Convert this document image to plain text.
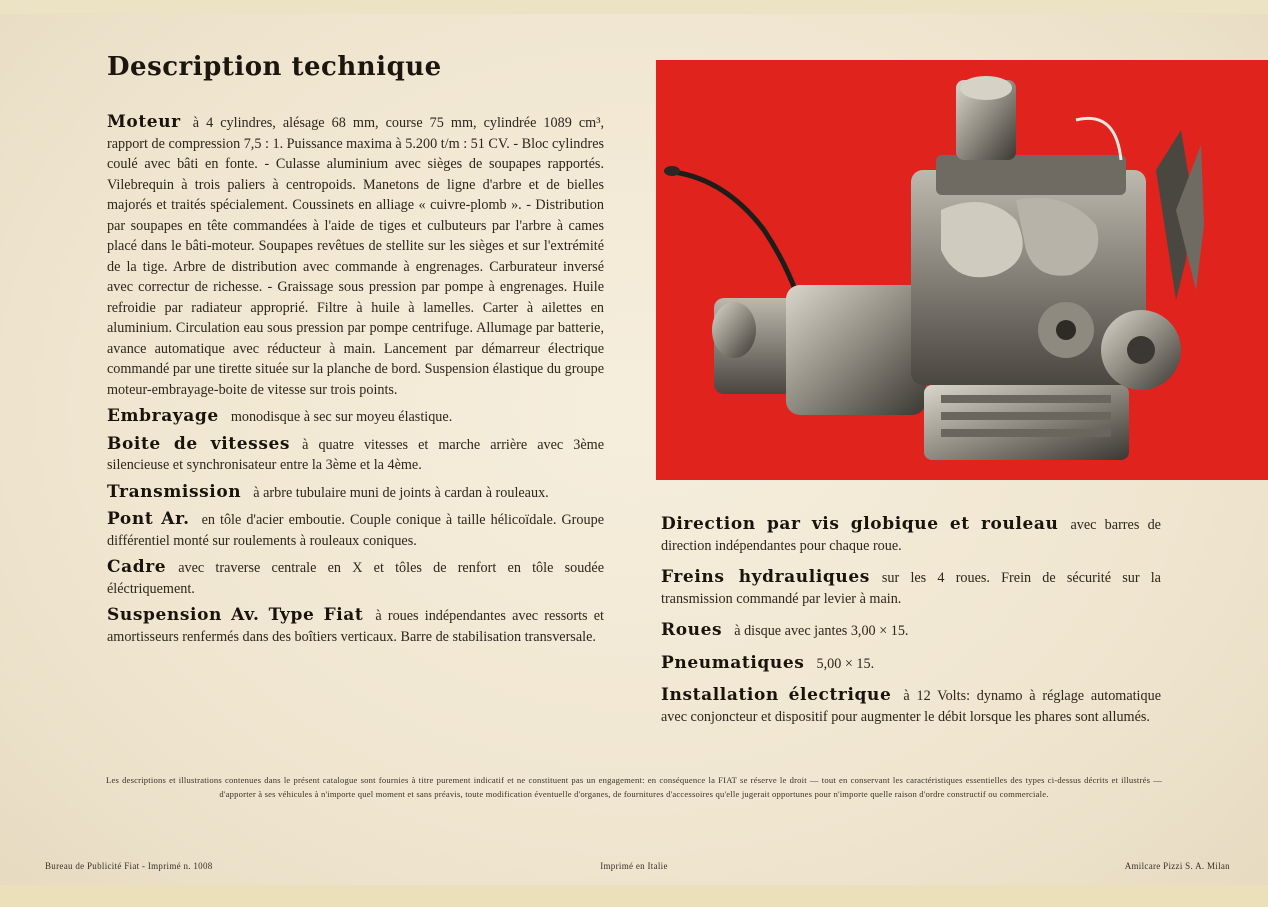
Description technique

Moteur à 4 cylindres, alésage 68 mm, course 75 mm, cylindrée 1089 cm³, rapport de compression 7,5 : 1. Puissance maxima à 5.200 t/m : 51 CV. - Bloc cylindres coulé avec bâti en fonte. - Culasse aluminium avec sièges de soupapes rapportés. Vilebrequin à trois paliers à centropoids. Manetons de ligne d'arbre et de bielles majorés et traités spécialement. Coussinets en alliage « cuivre-plomb ». - Distribution par soupapes en tête commandées à l'aide de tiges et culbuteurs par l'arbre à cames placé dans le bâti-moteur. Soupapes revêtues de stellite sur les sièges et sur l'extrémité de la tige. Arbre de distribution avec commande à engrenages. Carburateur inversé avec correctur de richesse. - Graissage sous pression par pompe à engrenages. Huile refroidie par radiateur approprié. Filtre à huile à lamelles. Carter à ailettes en aluminium. Circulation eau sous pression par pompe centrifuge. Allumage par batterie, avance automatique avec réducteur à main. Lancement par démarreur électrique commandé par une tirette située sur la planche de bord. Suspension élastique du groupe moteur-embrayage-boite de vitesse sur trois points.

Embrayage monodisque à sec sur moyeu élastique.

Boite de vitesses à quatre vitesses et marche arrière avec 3ème silencieuse et synchronisateur entre la 3ème et la 4ème.

Transmission à arbre tubulaire muni de joints à cardan à rouleaux.

Pont Ar. en tôle d'acier emboutie. Couple conique à taille hélicoïdale. Groupe différentiel monté sur roulements à rouleaux coniques.

Cadre avec traverse centrale en X et tôles de renfort en tôle soudée éléctriquement.

Suspension Av. Type Fiat à roues indépendantes avec ressorts et amortisseurs renfermés dans des boîtiers verticaux. Barre de stabilisation transversale.

Direction par vis globique et rouleau avec barres de direction indépendantes pour chaque roue.

Freins hydrauliques sur les 4 roues. Frein de sécurité sur la transmission commandé par levier à main.

Roues à disque avec jantes 3,00 × 15.

Pneumatiques 5,00 × 15.

Installation électrique à 12 Volts: dynamo à réglage automatique avec conjoncteur et dispositif pour augmenter le débit lorsque les phares sont allumés.

Les descriptions et illustrations contenues dans le présent catalogue sont fournies à titre purement indicatif et ne constituent pas un engagement: en conséquence la FIAT se réserve le droit — tout en conservant les caractéristiques essentielles des types ci-dessus décrits et illustrés — d'apporter à ses véhicules à n'importe quel moment et sans préavis, toute modification éventuelle d'organes, de fournitures d'accessoires qu'elle jugerait opportunes pour n'importe quelle raison d'ordre constructif ou commerciale.

Bureau de Publicité Fiat - Imprimé n. 1008	Imprimé en Italie	Amilcare Pizzi S. A. Milan
